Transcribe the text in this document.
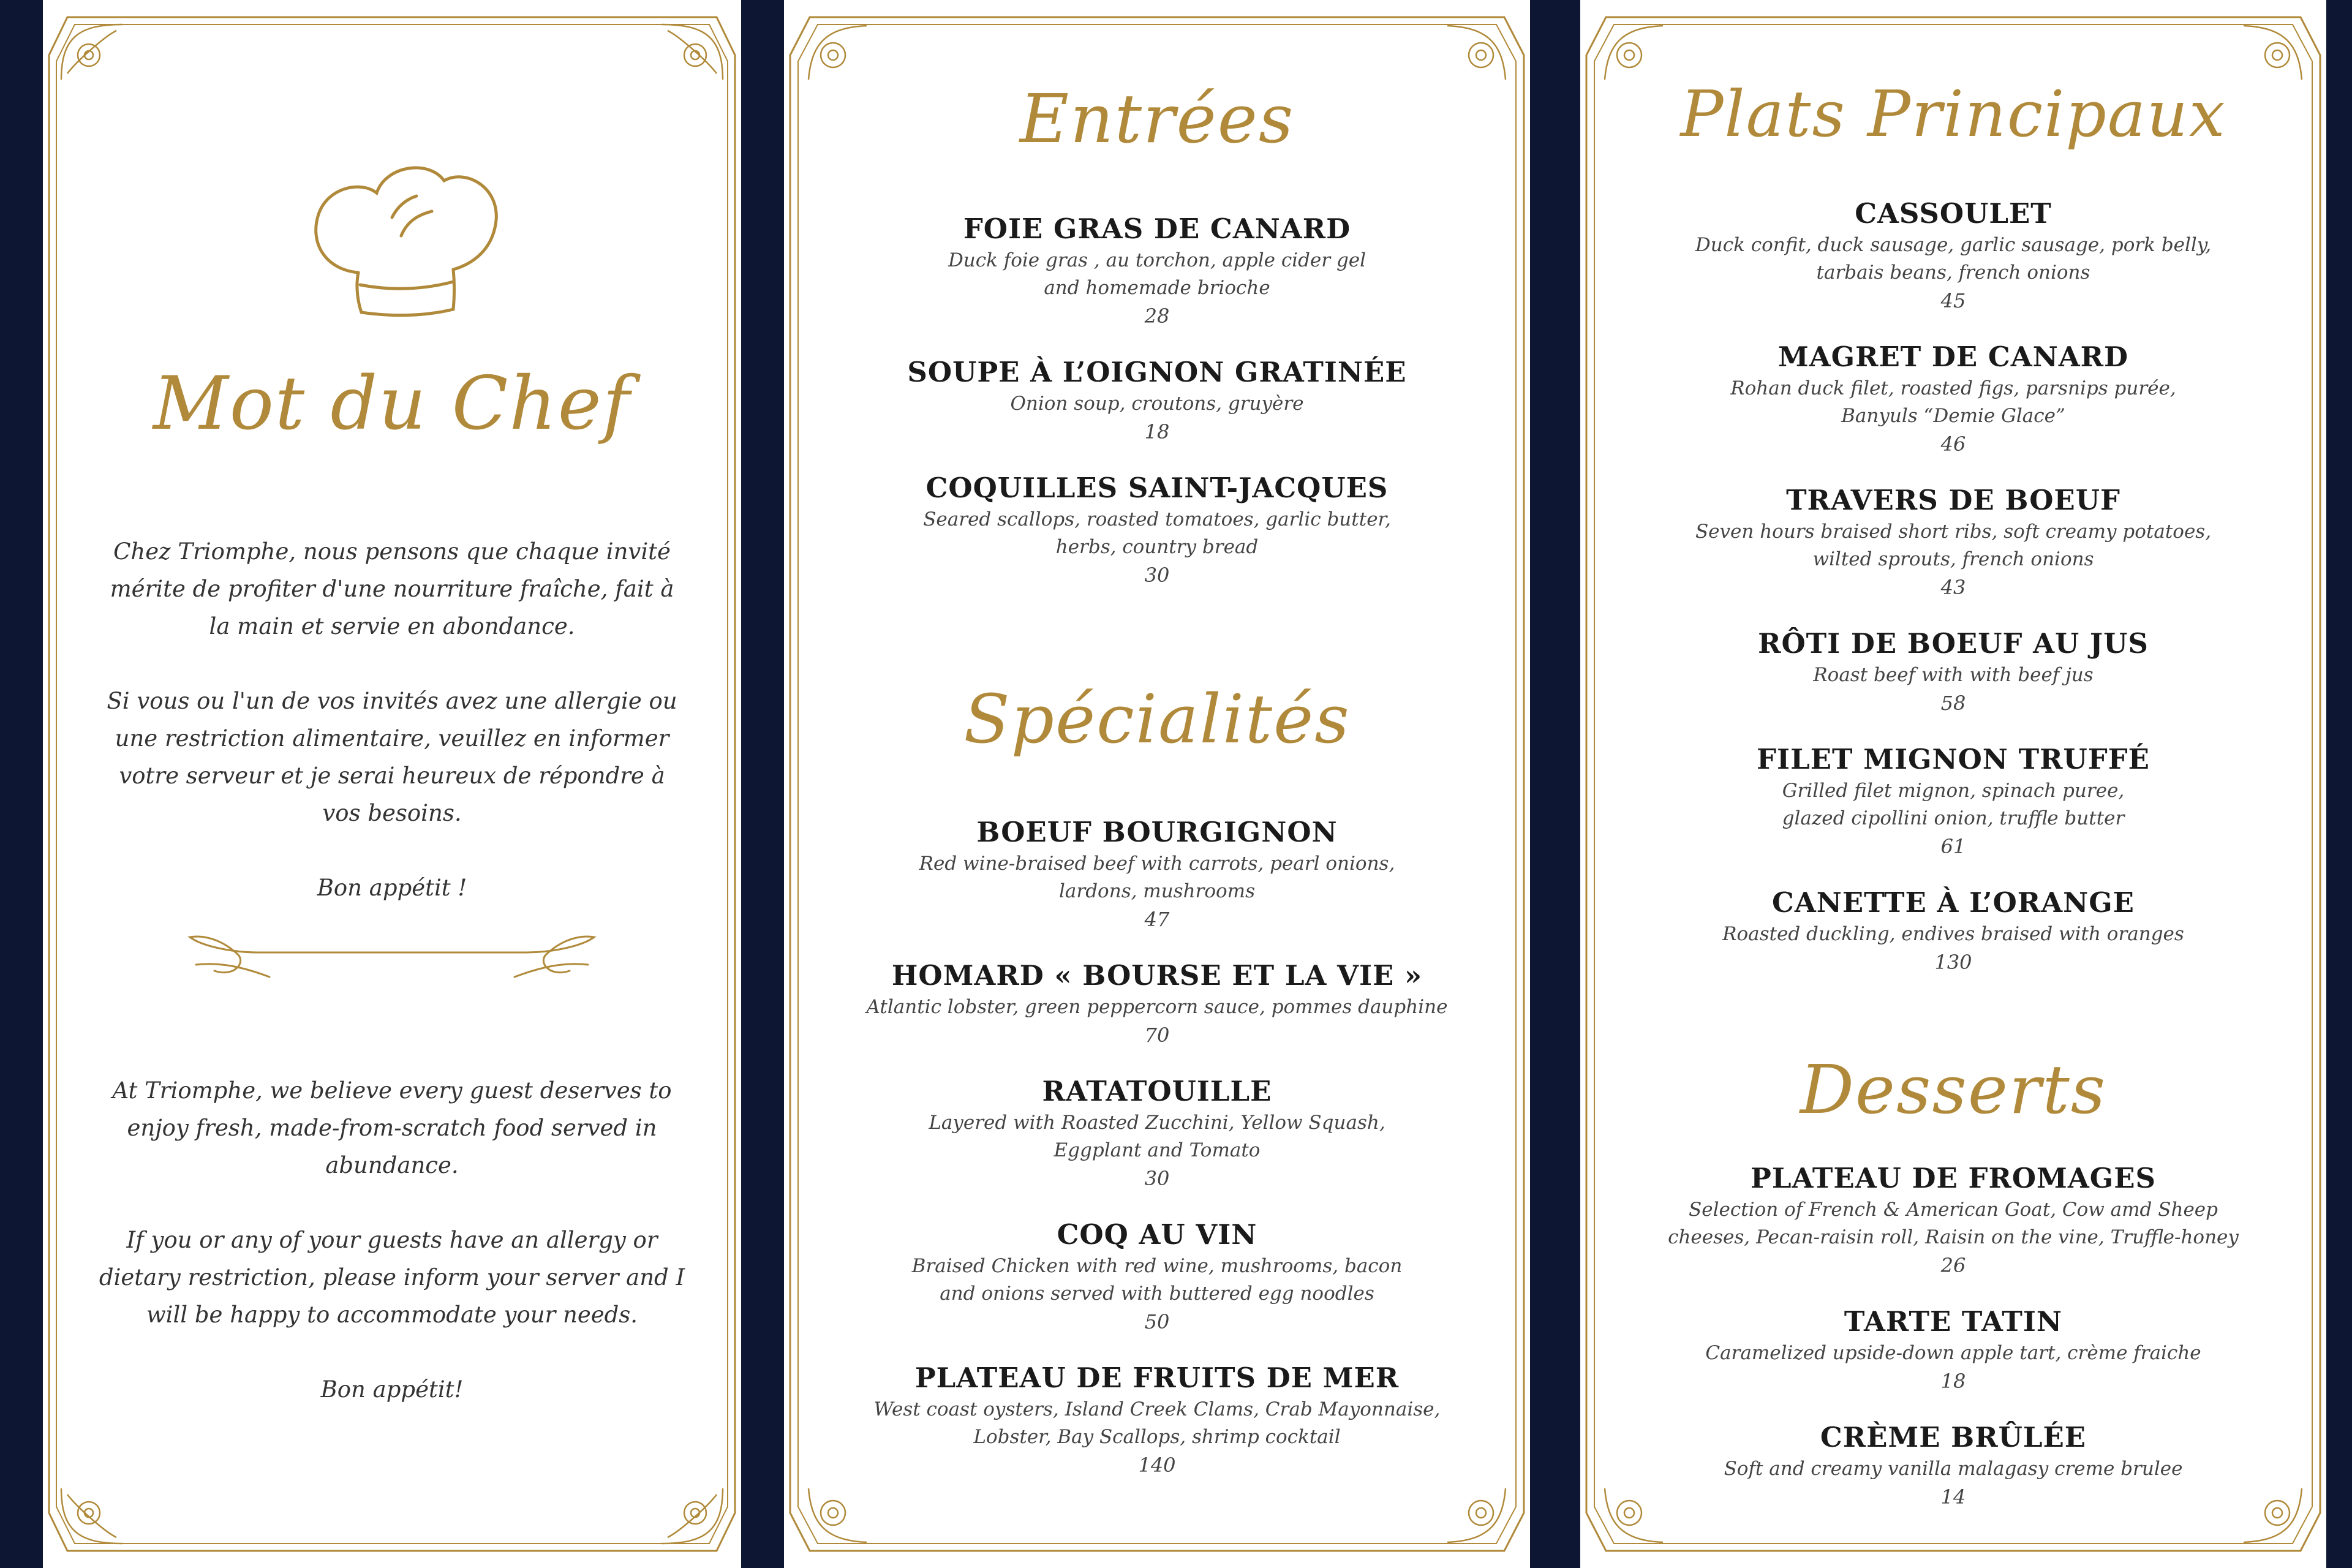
Mot du Chef

Chez Triomphe, nous pensons que chaque invité mérite de profiter d'une nourriture fraîche, fait à la main et servie en abondance.

Si vous ou l'un de vos invités avez une allergie ou une restriction alimentaire, veuillez en informer votre serveur et je serai heureux de répondre à vos besoins.

Bon appétit !

At Triomphe, we believe every guest deserves to enjoy fresh, made-from-scratch food served in abundance.

If you or any of your guests have an allergy or dietary restriction, please inform your server and I will be happy to accommodate your needs.

Bon appétit!

Entrées
FOIE GRAS DE CANARD
Duck foie gras , au torchon, apple cider gel
and homemade brioche
28
SOUPE À L’OIGNON GRATINÉE
Onion soup, croutons, gruyère
18
COQUILLES SAINT-JACQUES
Seared scallops, roasted tomatoes, garlic butter,
herbs, country bread
30
Spécialités
BOEUF BOURGIGNON
Red wine-braised beef with carrots, pearl onions,
lardons, mushrooms
47
HOMARD « BOURSE ET LA VIE »
Atlantic lobster, green peppercorn sauce, pommes dauphine
70
RATATOUILLE
Layered with Roasted Zucchini, Yellow Squash,
Eggplant and Tomato
30
COQ AU VIN
Braised Chicken with red wine, mushrooms, bacon
and onions served with buttered egg noodles
50
PLATEAU DE FRUITS DE MER
West coast oysters, Island Creek Clams, Crab Mayonnaise,
Lobster, Bay Scallops, shrimp cocktail
140
Plats Principaux
CASSOULET
Duck confit, duck sausage, garlic sausage, pork belly,
tarbais beans, french onions
45
MAGRET DE CANARD
Rohan duck filet, roasted figs, parsnips purée,
Banyuls “Demie Glace”
46
TRAVERS DE BOEUF
Seven hours braised short ribs, soft creamy potatoes,
wilted sprouts, french onions
43
RÔTI DE BOEUF AU JUS
Roast beef with with beef jus
58
FILET MIGNON TRUFFÉ
Grilled filet mignon, spinach puree,
glazed cipollini onion, truffle butter
61
CANETTE À L’ORANGE
Roasted duckling, endives braised with oranges
130
Desserts
PLATEAU DE FROMAGES
Selection of French & American Goat, Cow amd Sheep
cheeses, Pecan-raisin roll, Raisin on the vine, Truffle-honey
26
TARTE TATIN
Caramelized upside-down apple tart, crème fraiche
18
CRÈME BRÛLÉE
Soft and creamy vanilla malagasy creme brulee
14
